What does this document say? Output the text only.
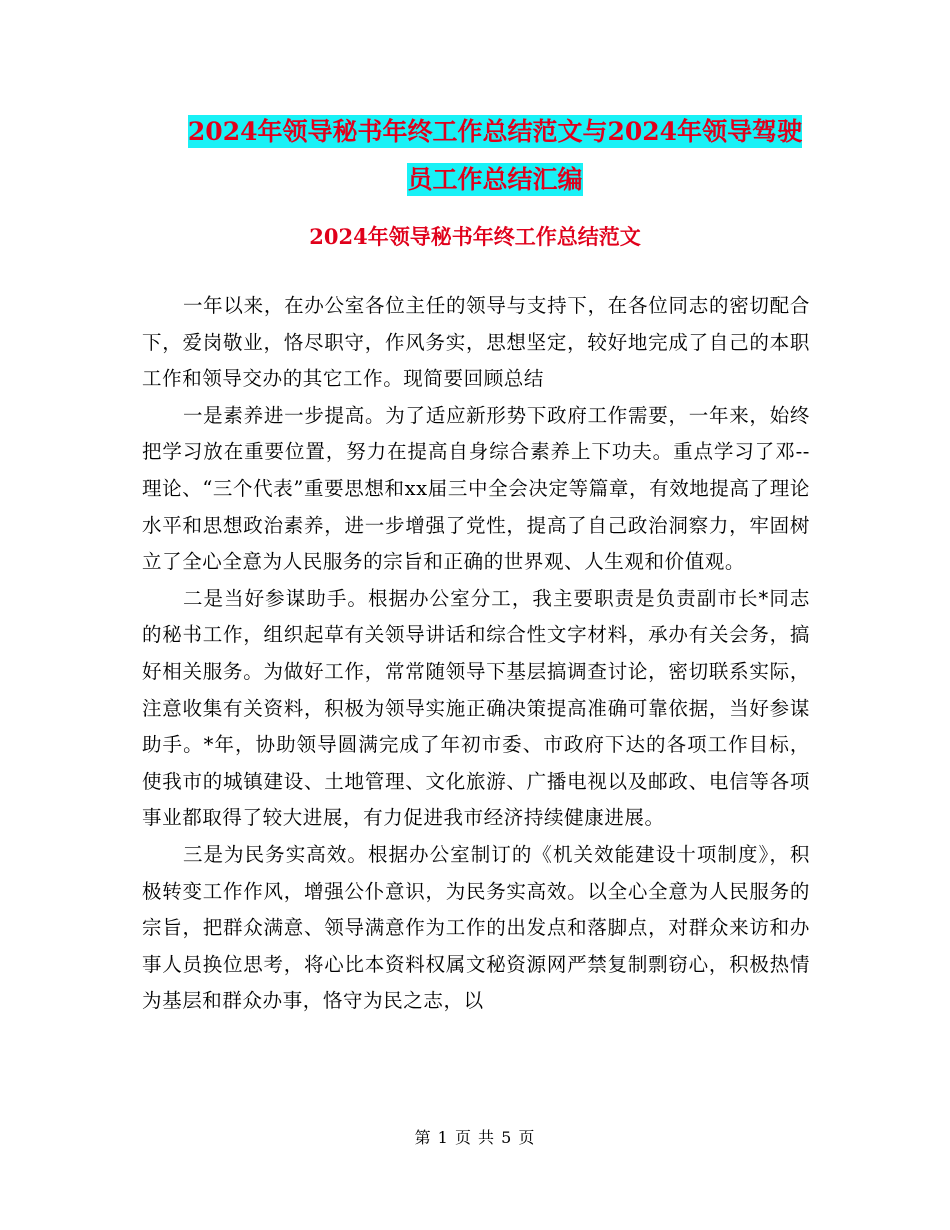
2024年领导秘书年终工作总结范文与2024年领导驾驶
员工作总结汇编
2024年领导秘书年终工作总结范文

一年以来，在办公室各位主任的领导与支持下，在各位同志的密切配合下，爱岗敬业，恪尽职守，作风务实，思想坚定，较好地完成了自己的本职工作和领导交办的其它工作。现简要回顾总结

一是素养进一步提高。为了适应新形势下政府工作需要，一年来，始终把学习放在重要位置，努力在提高自身综合素养上下功夫。重点学习了邓--理论、“三个代表”重要思想和xx届三中全会决定等篇章，有效地提高了理论水平和思想政治素养，进一步增强了党性，提高了自己政治洞察力，牢固树立了全心全意为人民服务的宗旨和正确的世界观、人生观和价值观。

二是当好参谋助手。根据办公室分工，我主要职责是负责副市长*同志的秘书工作，组织起草有关领导讲话和综合性文字材料，承办有关会务，搞好相关服务。为做好工作，常常随领导下基层搞调查讨论，密切联系实际，注意收集有关资料，积极为领导实施正确决策提高准确可靠依据，当好参谋助手。*年，协助领导圆满完成了年初市委、市政府下达的各项工作目标，使我市的城镇建设、土地管理、文化旅游、广播电视以及邮政、电信等各项事业都取得了较大进展，有力促进我市经济持续健康进展。

三是为民务实高效。根据办公室制订的《机关效能建设十项制度》，积极转变工作作风，增强公仆意识，为民务实高效。以全心全意为人民服务的宗旨，把群众满意、领导满意作为工作的出发点和落脚点，对群众来访和办事人员换位思考，将心比本资料权属文秘资源网严禁复制剽窃心，积极热情为基层和群众办事，恪守为民之志，以

第 1 页 共 5 页
